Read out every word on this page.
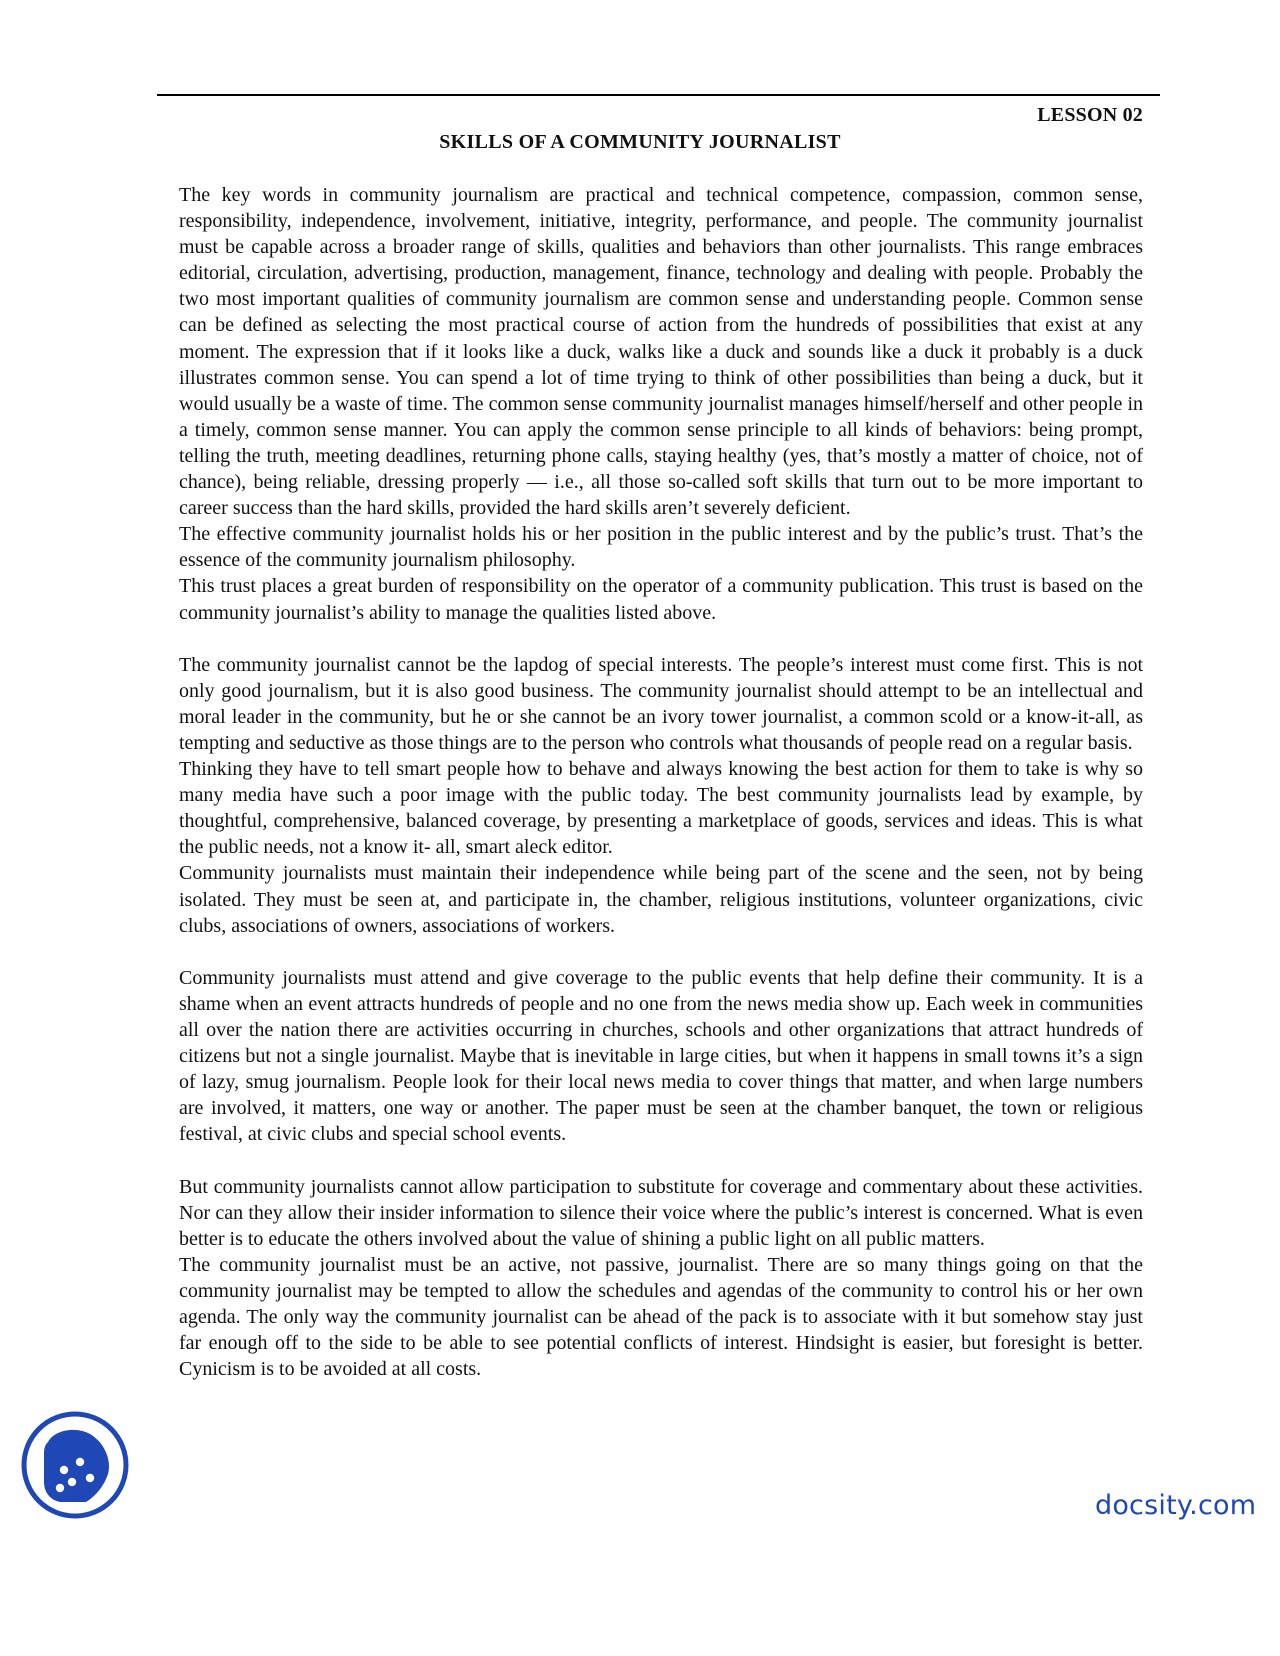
LESSON 02
SKILLS OF A COMMUNITY JOURNALIST

The key words in community journalism are practical and technical competence, compassion, common sense, responsibility, independence, involvement, initiative, integrity, performance, and people. The community journalist must be capable across a broader range of skills, qualities and behaviors than other journalists. This range embraces editorial, circulation, advertising, production, management, finance, technology and dealing with people. Probably the two most important qualities of community journalism are common sense and understanding people. Common sense can be defined as selecting the most practical course of action from the hundreds of possibilities that exist at any moment. The expression that if it looks like a duck, walks like a duck and sounds like a duck it probably is a duck illustrates common sense. You can spend a lot of time trying to think of other possibilities than being a duck, but it would usually be a waste of time. The common sense community journalist manages himself/herself and other people in a timely, common sense manner. You can apply the common sense principle to all kinds of behaviors: being prompt, telling the truth, meeting deadlines, returning phone calls, staying healthy (yes, that’s mostly a matter of choice, not of chance), being reliable, dressing properly — i.e., all those so-called soft skills that turn out to be more important to career success than the hard skills, provided the hard skills aren’t severely deficient.

The effective community journalist holds his or her position in the public interest and by the public’s trust. That’s the essence of the community journalism philosophy.

This trust places a great burden of responsibility on the operator of a community publication. This trust is based on the community journalist’s ability to manage the qualities listed above.

The community journalist cannot be the lapdog of special interests. The people’s interest must come first. This is not only good journalism, but it is also good business. The community journalist should attempt to be an intellectual and moral leader in the community, but he or she cannot be an ivory tower journalist, a common scold or a know-it-all, as tempting and seductive as those things are to the person who controls what thousands of people read on a regular basis.

Thinking they have to tell smart people how to behave and always knowing the best action for them to take is why so many media have such a poor image with the public today. The best community journalists lead by example, by thoughtful, comprehensive, balanced coverage, by presenting a marketplace of goods, services and ideas. This is what the public needs, not a know it- all, smart aleck editor.

Community journalists must maintain their independence while being part of the scene and the seen, not by being isolated. They must be seen at, and participate in, the chamber, religious institutions, volunteer organizations, civic clubs, associations of owners, associations of workers.

Community journalists must attend and give coverage to the public events that help define their community. It is a shame when an event attracts hundreds of people and no one from the news media show up. Each week in communities all over the nation there are activities occurring in churches, schools and other organizations that attract hundreds of citizens but not a single journalist. Maybe that is inevitable in large cities, but when it happens in small towns it’s a sign of lazy, smug journalism. People look for their local news media to cover things that matter, and when large numbers are involved, it matters, one way or another. The paper must be seen at the chamber banquet, the town or religious festival, at civic clubs and special school events.

But community journalists cannot allow participation to substitute for coverage and commentary about these activities. Nor can they allow their insider information to silence their voice where the public’s interest is concerned. What is even better is to educate the others involved about the value of shining a public light on all public matters.

The community journalist must be an active, not passive, journalist. There are so many things going on that the community journalist may be tempted to allow the schedules and agendas of the community to control his or her own agenda. The only way the community journalist can be ahead of the pack is to associate with it but somehow stay just far enough off to the side to be able to see potential conflicts of interest. Hindsight is easier, but foresight is better. Cynicism is to be avoided at all costs.

docsity.com
